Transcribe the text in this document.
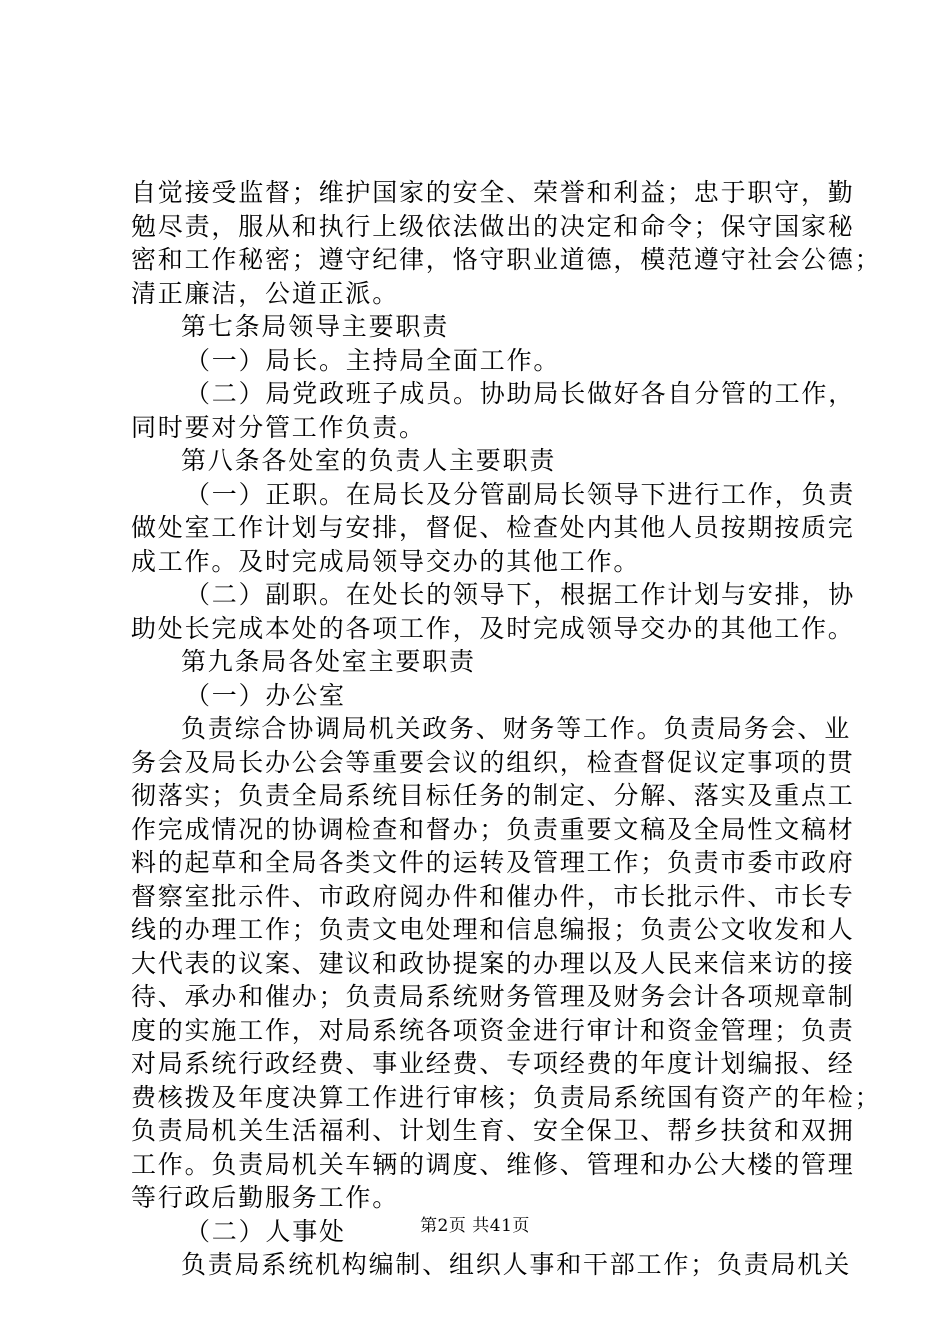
自觉接受监督；维护国家的安全、荣誉和利益；忠于职守，勤
勉尽责，服从和执行上级依法做出的决定和命令；保守国家秘
密和工作秘密；遵守纪律，恪守职业道德，模范遵守社会公德；
清正廉洁，公道正派。
第七条局领导主要职责
（一）局长。主持局全面工作。
（二）局党政班子成员。协助局长做好各自分管的工作，
同时要对分管工作负责。
第八条各处室的负责人主要职责
（一）正职。在局长及分管副局长领导下进行工作，负责
做处室工作计划与安排，督促、检查处内其他人员按期按质完
成工作。及时完成局领导交办的其他工作。
（二）副职。在处长的领导下，根据工作计划与安排，协
助处长完成本处的各项工作，及时完成领导交办的其他工作。
第九条局各处室主要职责
（一）办公室
负责综合协调局机关政务、财务等工作。负责局务会、业
务会及局长办公会等重要会议的组织，检查督促议定事项的贯
彻落实；负责全局系统目标任务的制定、分解、落实及重点工
作完成情况的协调检查和督办；负责重要文稿及全局性文稿材
料的起草和全局各类文件的运转及管理工作；负责市委市政府
督察室批示件、市政府阅办件和催办件，市长批示件、市长专
线的办理工作；负责文电处理和信息编报；负责公文收发和人
大代表的议案、建议和政协提案的办理以及人民来信来访的接
待、承办和催办；负责局系统财务管理及财务会计各项规章制
度的实施工作，对局系统各项资金进行审计和资金管理；负责
对局系统行政经费、事业经费、专项经费的年度计划编报、经
费核拨及年度决算工作进行审核；负责局系统国有资产的年检；
负责局机关生活福利、计划生育、安全保卫、帮乡扶贫和双拥
工作。负责局机关车辆的调度、维修、管理和办公大楼的管理
等行政后勤服务工作。
（二）人事处
负责局系统机构编制、组织人事和干部工作；负责局机关
第2页 共41页
